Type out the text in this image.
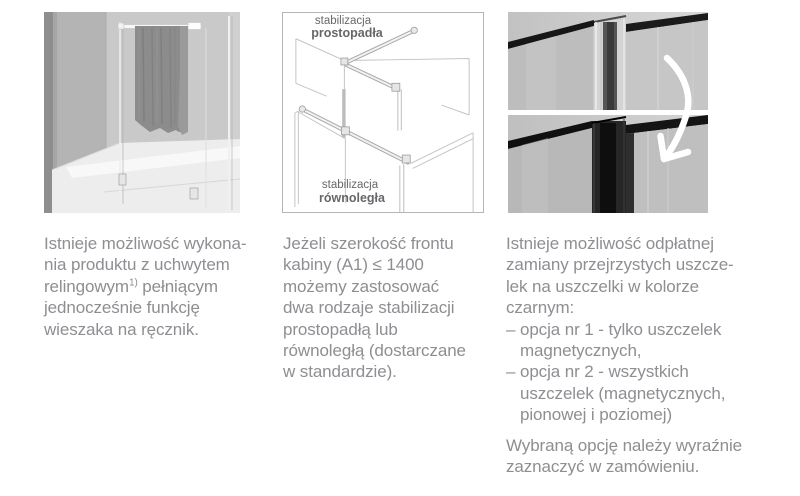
stabilizacja
prostopadła
stabilizacja
równoległa
Istnieje możliwość wykona-
nia produktu z uchwytem
relingowym$^{1)}$ pełniącym
jednocześnie funkcję
wieszaka na ręcznik.
Jeżeli szerokość frontu
kabiny (A1) ≤ 1400
możemy zastosować
dwa rodzaje stabilizacji
prostopadłą lub
równoległą (dostarczane
w standardzie).
Istnieje możliwość odpłatnej
zamiany przejrzystych uszcze-
lek na uszczelki w kolorze
czarnym:
– opcja nr 1 - tylko uszczelek
magnetycznych,
– opcja nr 2 - wszystkich
uszczelek (magnetycznych,
pionowej i poziomej)
Wybraną opcję należy wyraźnie
zaznaczyć w zamówieniu.
